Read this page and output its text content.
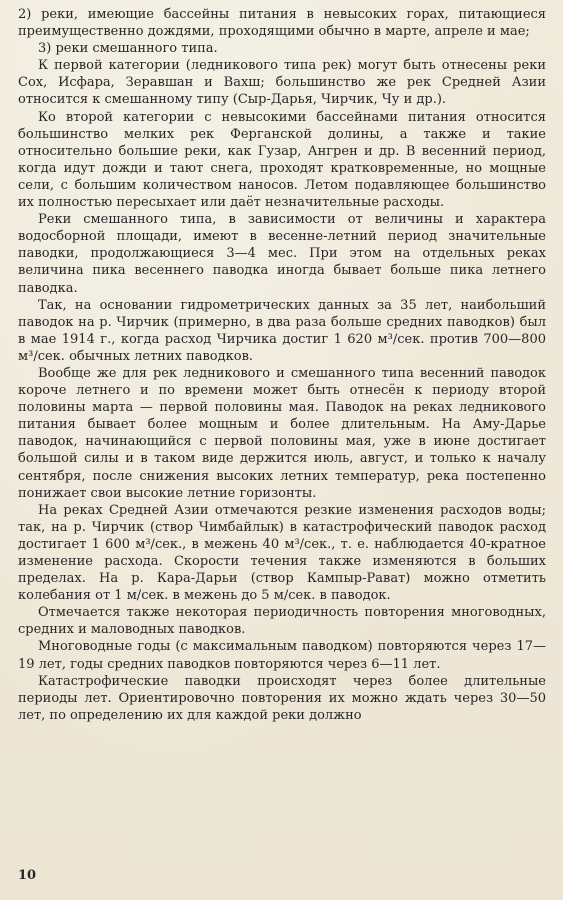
2) реки, имеющие бассейны питания в невысоких горах, питающиеся преимущественно дождями, проходящими обычно в марте, апреле и мае;

3) реки смешанного типа.

К первой категории (ледникового типа рек) могут быть отнесены реки Сох, Исфара, Зеравшан и Вахш; большинство же рек Средней Азии относится к смешанному типу (Сыр-Дарья, Чирчик, Чу и др.).

Ко второй категории с невысокими бассейнами питания относится большинство мелких рек Ферганской долины, а также и такие относительно большие реки, как Гузар, Ангрен и др. В весенний период, когда идут дожди и тают снега, проходят кратковременные, но мощные сели, с большим количеством наносов. Летом подавляющее большинство их полностью пересыхает или даёт незначительные расходы.

Реки смешанного типа, в зависимости от величины и характера водосборной площади, имеют в весенне-летний период значительные паводки, продолжающиеся 3—4 мес. При этом на отдельных реках величина пика весеннего паводка иногда бывает больше пика летнего паводка.

Так, на основании гидрометрических данных за 35 лет, наибольший паводок на р. Чирчик (примерно, в два раза больше средних паводков) был в мае 1914 г., когда расход Чирчика достиг 1 620 м³/сек. против 700—800 м³/сек. обычных летних паводков.

Вообще же для рек ледникового и смешанного типа весенний паводок короче летнего и по времени может быть отнесён к периоду второй половины марта — первой половины мая. Паводок на реках ледникового питания бывает более мощным и более длительным. На Аму-Дарье паводок, начинающийся с первой половины мая, уже в июне достигает большой силы и в таком виде держится июль, август, и только к началу сентября, после снижения высоких летних температур, река постепенно понижает свои высокие летние горизонты.

На реках Средней Азии отмечаются резкие изменения расходов воды; так, на р. Чирчик (створ Чимбайлык) в катастрофический паводок расход достигает 1 600 м³/сек., в межень 40 м³/сек., т. е. наблюдается 40-кратное изменение расхода. Скорости течения также изменяются в больших пределах. На р. Кара-Дарьи (створ Кампыр-Рават) можно отметить колебания от 1 м/сек. в межень до 5 м/сек. в паводок.

Отмечается также некоторая периодичность повторения многоводных, средних и маловодных паводков.

Многоводные годы (с максимальным паводком) повторяются через 17—19 лет, годы средних паводков повторяются через 6—11 лет.

Катастрофические паводки происходят через более длительные периоды лет. Ориентировочно повторения их можно ждать через 30—50 лет, по определению их для каждой реки должно

10
